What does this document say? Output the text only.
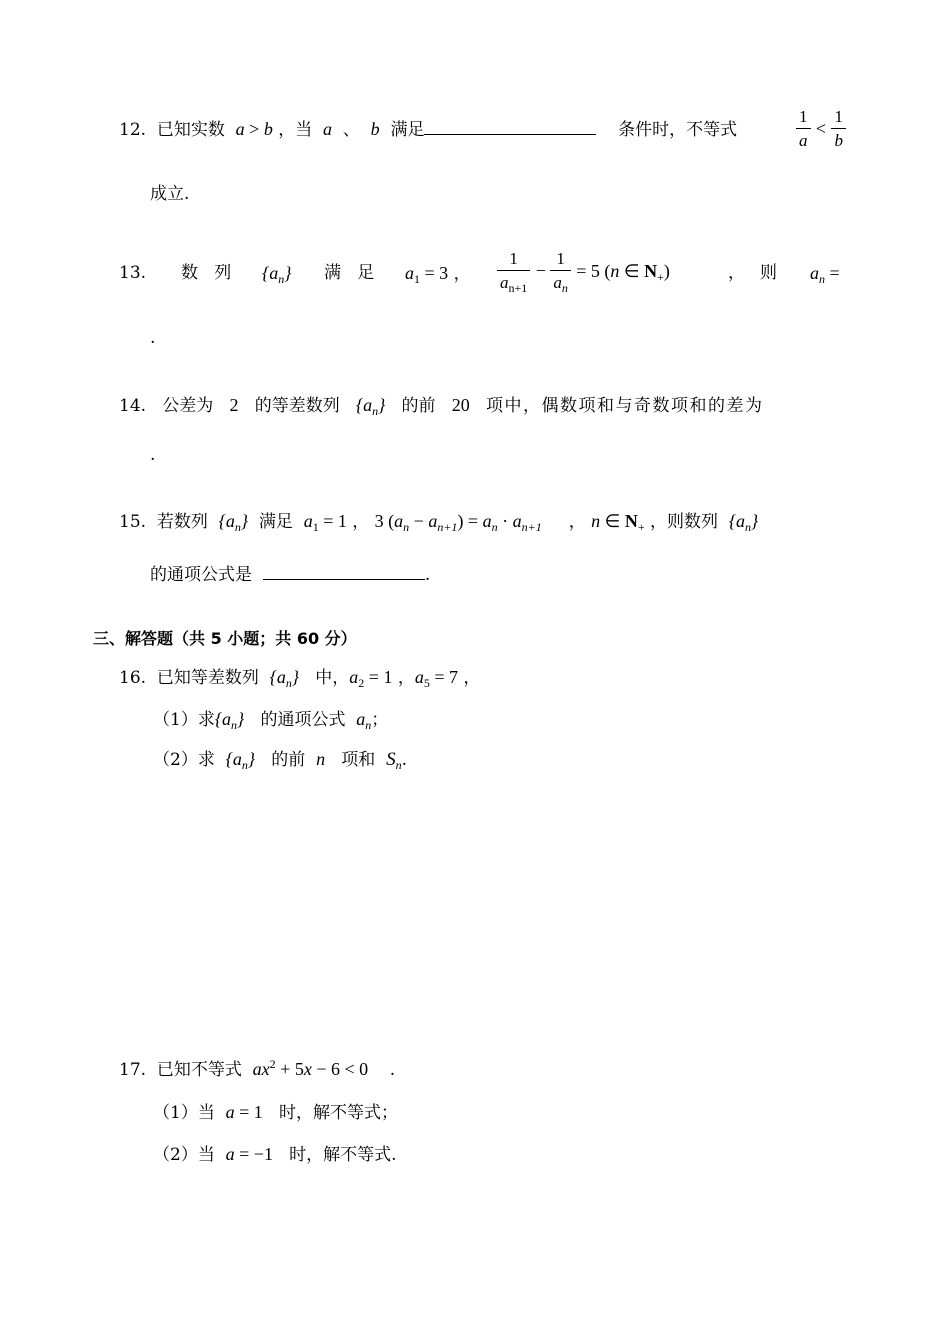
12. 已知实数 a > b ，当 a 、 b 满足	条件时，不等式	$\frac{1}{a} < \frac{1}{b}$
成立.
13. 数 列 $\{a_n\}$ 满 足 $a_1 = 3$ ， $\frac{1}{a_{n+1}} - \frac{1}{a_n} = 5$ (n ∈ $N_+$)	， 则 $a_n$ =
.
14. 公差为 2 的等差数列 $\{a_n\}$ 的前 20 项中，偶数项和与奇数项和的差为
.
15. 若数列 $\{a_n\}$ 满足 $a_1 = 1$ ， 3 $(a_n - a_{n+1}) = a_n \cdot a_{n+1}$ ， n ∈ $N_+$ ，则数列 $\{a_n\}$
的通项公式是	.
三、解答题（共 5 小题；共 60 分）
16. 已知等差数列 $\{a_n\}$ 中，$a_2 = 1$ ，$a_5 = 7$ ，
（1）求$\{a_n\}$ 的通项公式 $a_n$；
（2）求 $\{a_n\}$ 的前 n 项和 $S_n$.
17. 已知不等式 $ax^2 + 5x - 6 < 0$ .
（1）当 a = 1 时，解不等式；
（2）当 a = −1 时，解不等式.
